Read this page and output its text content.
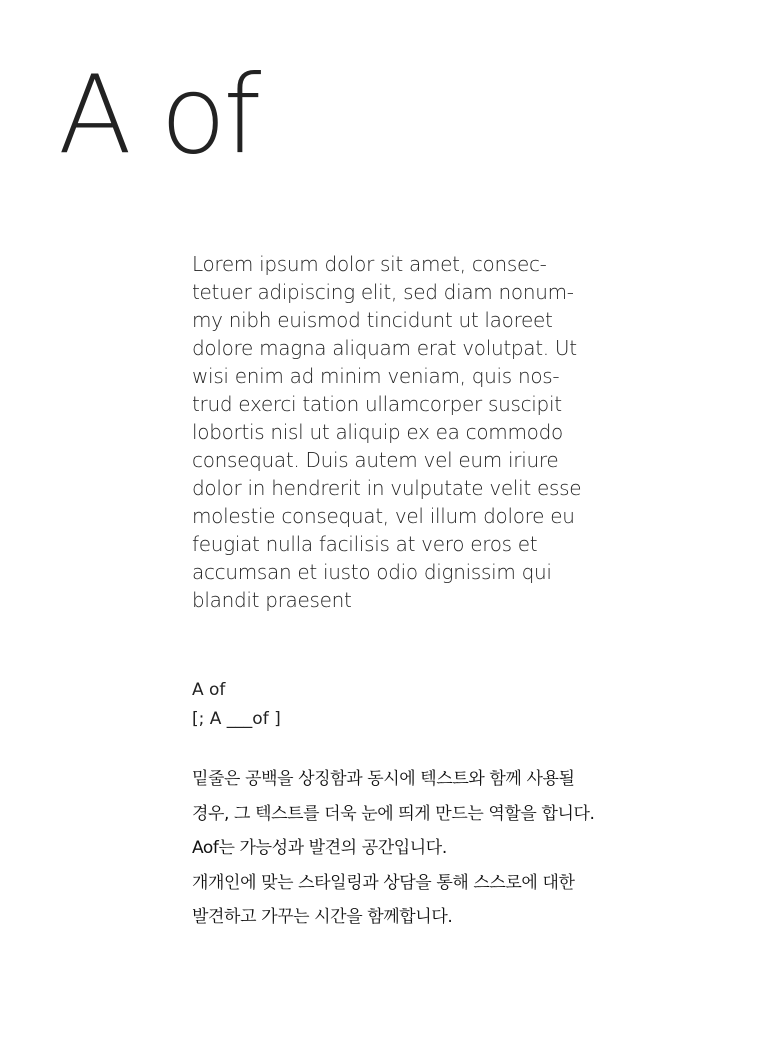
A of

Lorem ipsum dolor sit amet, consec-
tetuer adipiscing elit, sed diam nonum-
my nibh euismod tincidunt ut laoreet
dolore magna aliquam erat volutpat. Ut
wisi enim ad minim veniam, quis nos-
trud exerci tation ullamcorper suscipit
lobortis nisl ut aliquip ex ea commodo
consequat. Duis autem vel eum iriure
dolor in hendrerit in vulputate velit esse
molestie consequat, vel illum dolore eu
feugiat nulla facilisis at vero eros et
accumsan et iusto odio dignissim qui
blandit praesent

A of
[; A ___of ]
밑줄은 공백을 상징함과 동시에 텍스트와 함께 사용될
경우, 그 텍스트를 더욱 눈에 띄게 만드는 역할을 합니다.
Aof는 가능성과 발견의 공간입니다.
개개인에 맞는 스타일링과 상담을 통해 스스로에 대한
발견하고 가꾸는 시간을 함께합니다.
